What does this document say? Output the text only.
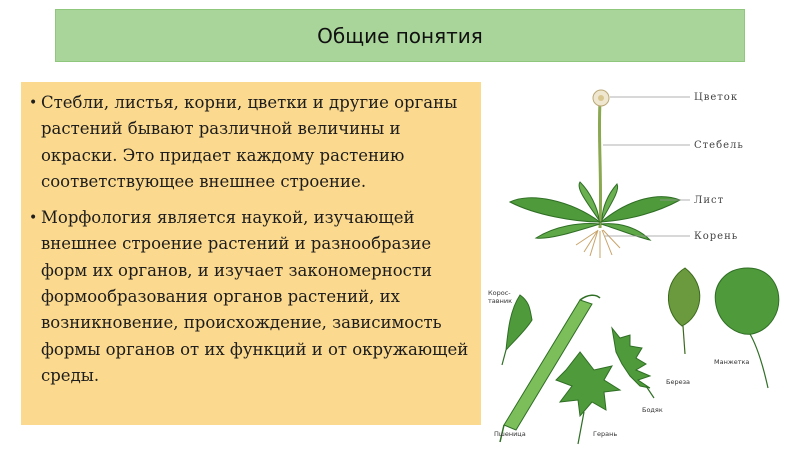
Общие понятия
• Стебли, листья, корни, цветки и другие органы растений бывают различной величины и окраски. Это придает каждому растению соответствующее внешнее строение.
• Морфология является наукой, изучающей внешнее строение растений и разнообразие форм их органов, и изучает закономерности формообразования органов растений, их возникновение, происхождение, зависимость формы органов от их функций и от окружающей среды.
Цветок
Стебель
Лист
Корень
Корос-
тавник
Пшеница	Герань
Бодяк
Береза
Манжетка
